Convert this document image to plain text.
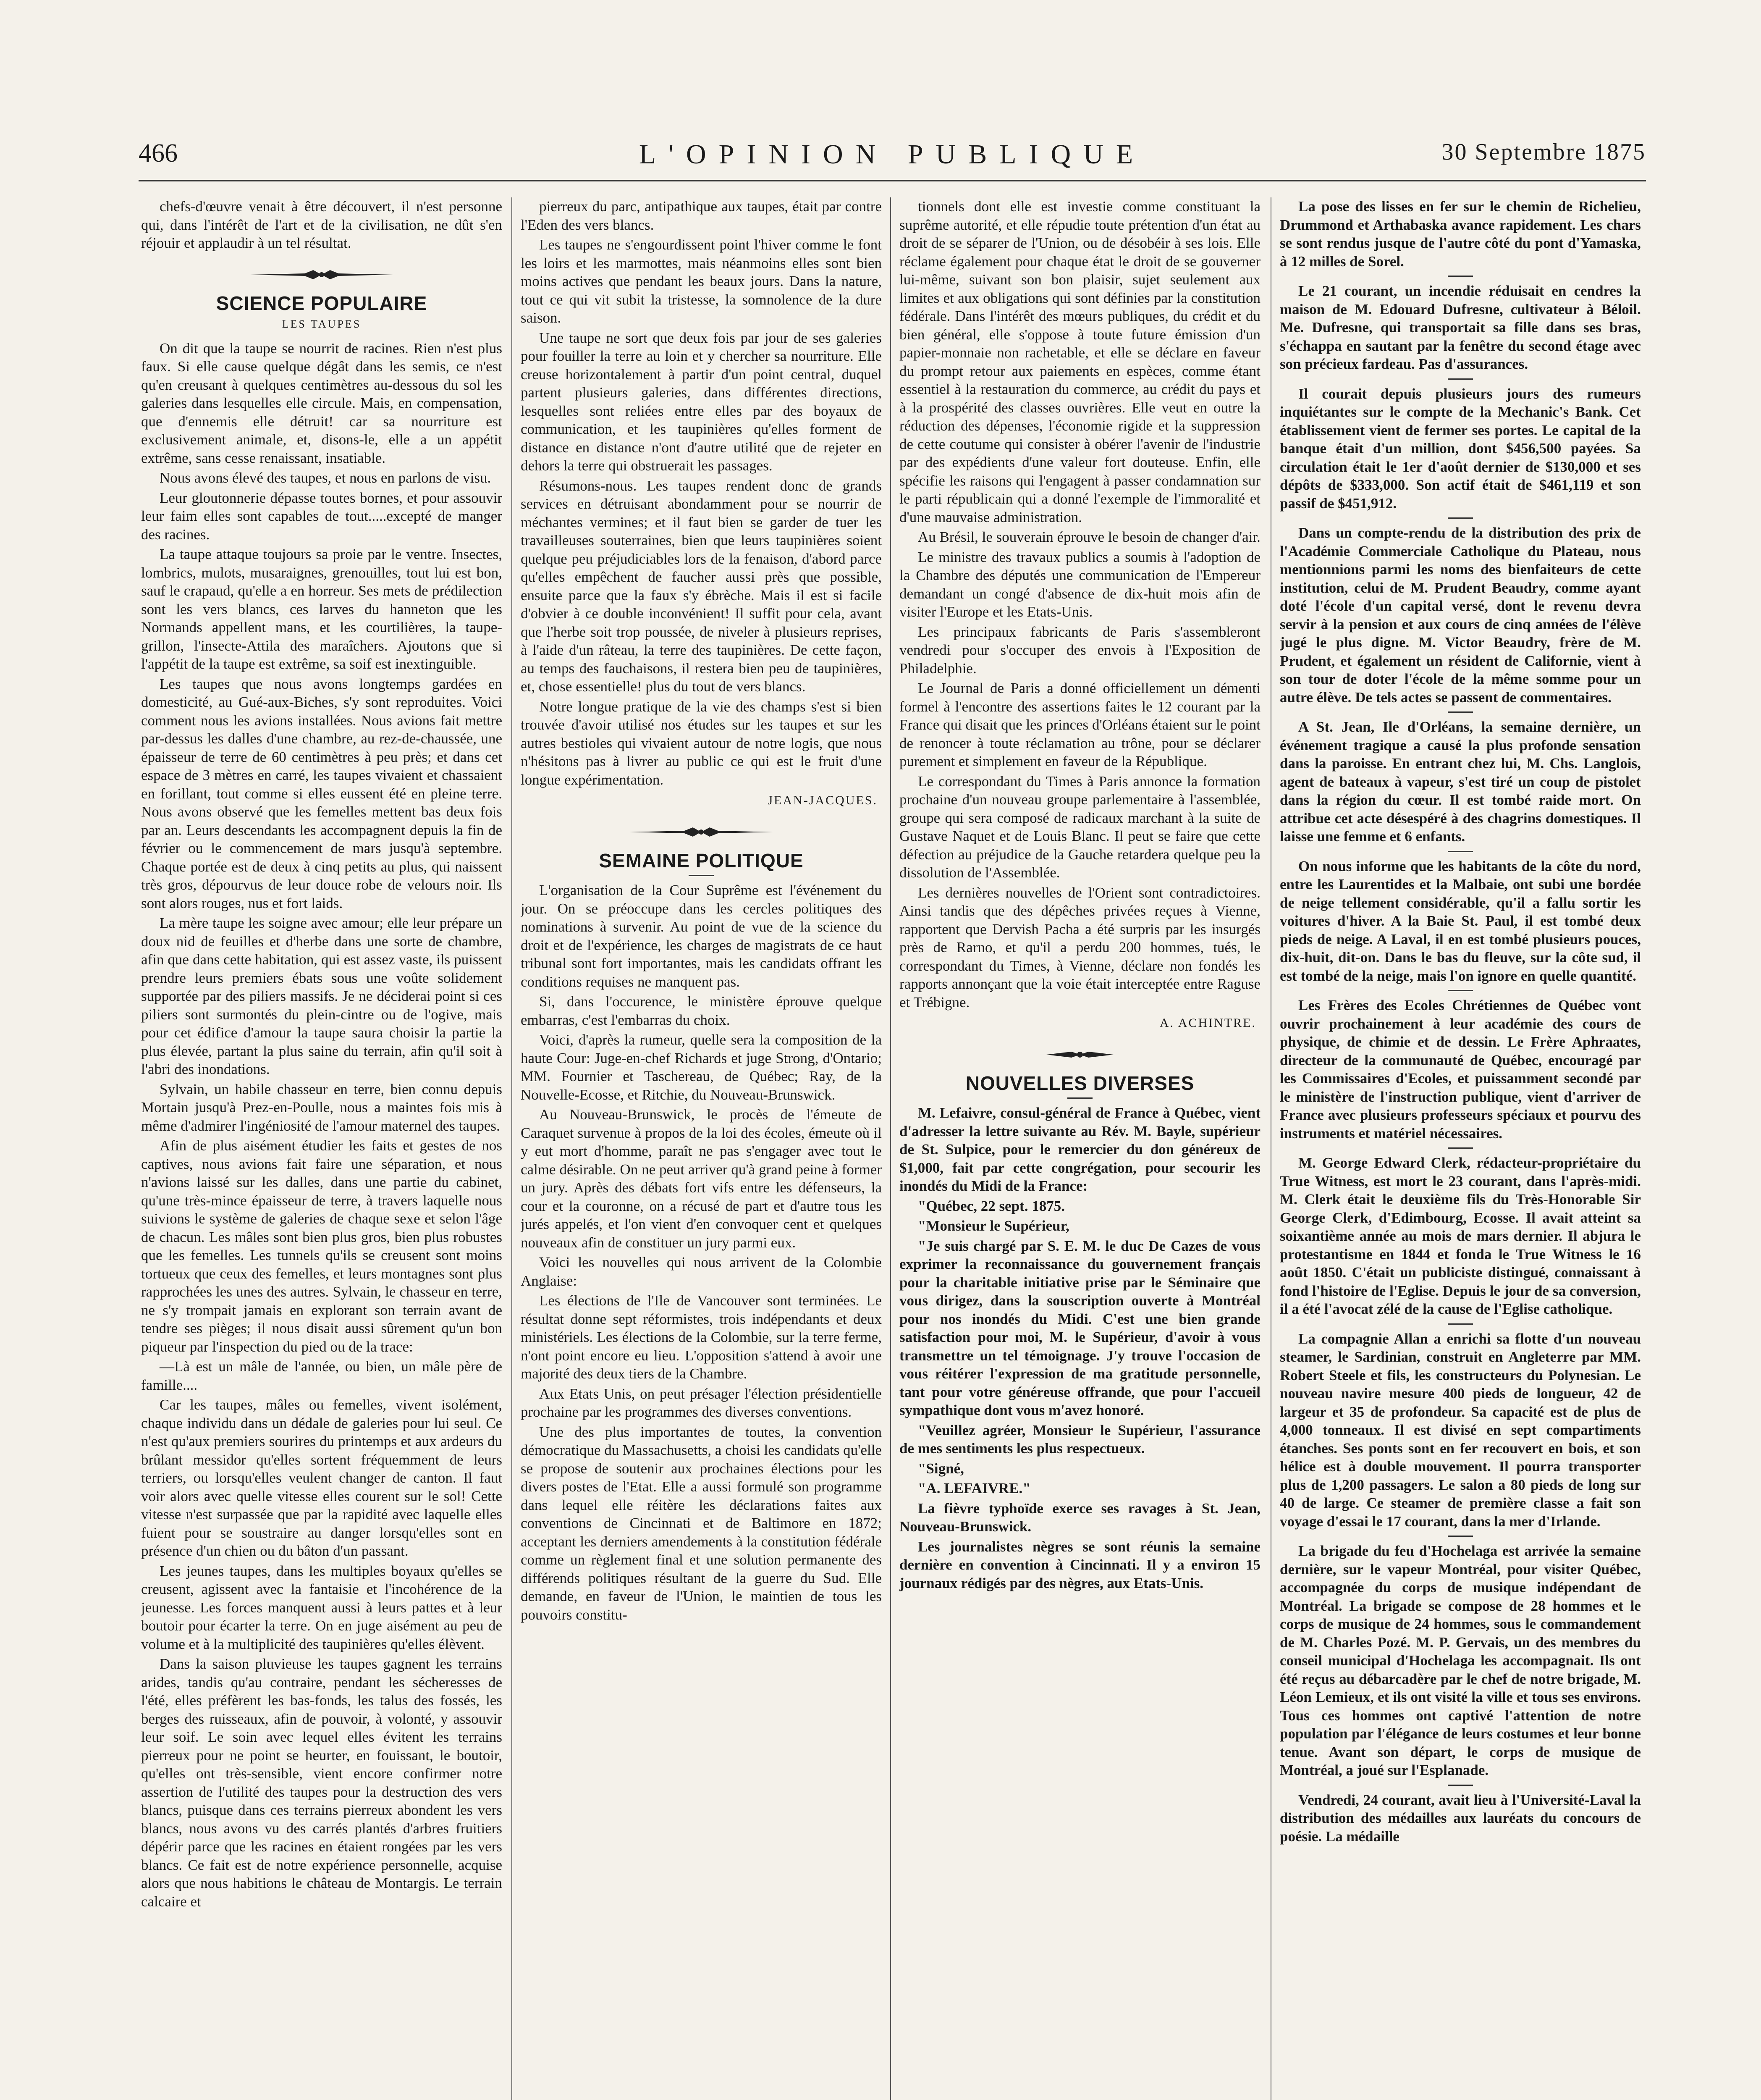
466	L'OPINION PUBLIQUE	30 Septembre 1875

chefs-d'œuvre venait à être découvert, il n'est personne qui, dans l'intérêt de l'art et de la civilisation, ne dût s'en réjouir et applaudir à un tel résultat.

SCIENCE POPULAIRE
LES TAUPES

On dit que la taupe se nourrit de racines. Rien n'est plus faux. Si elle cause quelque dégât dans les semis, ce n'est qu'en creusant à quelques centimètres au-dessous du sol les galeries dans lesquelles elle circule. Mais, en compensation, que d'ennemis elle détruit! car sa nourriture est exclusivement animale, et, disons-le, elle a un appétit extrême, sans cesse renaissant, insatiable.

Nous avons élevé des taupes, et nous en parlons de visu.

Leur gloutonnerie dépasse toutes bornes, et pour assouvir leur faim elles sont capables de tout.....excepté de manger des racines.

La taupe attaque toujours sa proie par le ventre. Insectes, lombrics, mulots, musaraignes, grenouilles, tout lui est bon, sauf le crapaud, qu'elle a en horreur. Ses mets de prédilection sont les vers blancs, ces larves du hanneton que les Normands appellent mans, et les courtilières, la taupe-grillon, l'insecte-Attila des maraîchers. Ajoutons que si l'appétit de la taupe est extrême, sa soif est inextinguible.

Les taupes que nous avons longtemps gardées en domesticité, au Gué-aux-Biches, s'y sont reproduites. Voici comment nous les avions installées. Nous avions fait mettre par-dessus les dalles d'une chambre, au rez-de-chaussée, une épaisseur de terre de 60 centimètres à peu près; et dans cet espace de 3 mètres en carré, les taupes vivaient et chassaient en forillant, tout comme si elles eussent été en pleine terre. Nous avons observé que les femelles mettent bas deux fois par an. Leurs descendants les accompagnent depuis la fin de février ou le commencement de mars jusqu'à septembre. Chaque portée est de deux à cinq petits au plus, qui naissent très gros, dépourvus de leur douce robe de velours noir. Ils sont alors rouges, nus et fort laids.

La mère taupe les soigne avec amour; elle leur prépare un doux nid de feuilles et d'herbe dans une sorte de chambre, afin que dans cette habitation, qui est assez vaste, ils puissent prendre leurs premiers ébats sous une voûte solidement supportée par des piliers massifs. Je ne déciderai point si ces piliers sont surmontés du plein-cintre ou de l'ogive, mais pour cet édifice d'amour la taupe saura choisir la partie la plus élevée, partant la plus saine du terrain, afin qu'il soit à l'abri des inondations.

Sylvain, un habile chasseur en terre, bien connu depuis Mortain jusqu'à Prez-en-Poulle, nous a maintes fois mis à même d'admirer l'ingéniosité de l'amour maternel des taupes.

Afin de plus aisément étudier les faits et gestes de nos captives, nous avions fait faire une séparation, et nous n'avions laissé sur les dalles, dans une partie du cabinet, qu'une très-mince épaisseur de terre, à travers laquelle nous suivions le système de galeries de chaque sexe et selon l'âge de chacun. Les mâles sont bien plus gros, bien plus robustes que les femelles. Les tunnels qu'ils se creusent sont moins tortueux que ceux des femelles, et leurs montagnes sont plus rapprochées les unes des autres. Sylvain, le chasseur en terre, ne s'y trompait jamais en explorant son terrain avant de tendre ses pièges; il nous disait aussi sûrement qu'un bon piqueur par l'inspection du pied ou de la trace:

—Là est un mâle de l'année, ou bien, un mâle père de famille....

Car les taupes, mâles ou femelles, vivent isolément, chaque individu dans un dédale de galeries pour lui seul. Ce n'est qu'aux premiers sourires du printemps et aux ardeurs du brûlant messidor qu'elles sortent fréquemment de leurs terriers, ou lorsqu'elles veulent changer de canton. Il faut voir alors avec quelle vitesse elles courent sur le sol! Cette vitesse n'est surpassée que par la rapidité avec laquelle elles fuient pour se soustraire au danger lorsqu'elles sont en présence d'un chien ou du bâton d'un passant.

Les jeunes taupes, dans les multiples boyaux qu'elles se creusent, agissent avec la fantaisie et l'incohérence de la jeunesse. Les forces manquent aussi à leurs pattes et à leur boutoir pour écarter la terre. On en juge aisément au peu de volume et à la multiplicité des taupinières qu'elles élèvent.

Dans la saison pluvieuse les taupes gagnent les terrains arides, tandis qu'au contraire, pendant les sécheresses de l'été, elles préfèrent les bas-fonds, les talus des fossés, les berges des ruisseaux, afin de pouvoir, à volonté, y assouvir leur soif. Le soin avec lequel elles évitent les terrains pierreux pour ne point se heurter, en fouissant, le boutoir, qu'elles ont très-sensible, vient encore confirmer notre assertion de l'utilité des taupes pour la destruction des vers blancs, puisque dans ces terrains pierreux abondent les vers blancs, nous avons vu des carrés plantés d'arbres fruitiers dépérir parce que les racines en étaient rongées par les vers blancs. Ce fait est de notre expérience personnelle, acquise alors que nous habitions le château de Montargis. Le terrain calcaire et

pierreux du parc, antipathique aux taupes, était par contre l'Eden des vers blancs.

Les taupes ne s'engourdissent point l'hiver comme le font les loirs et les marmottes, mais néanmoins elles sont bien moins actives que pendant les beaux jours. Dans la nature, tout ce qui vit subit la tristesse, la somnolence de la dure saison.

Une taupe ne sort que deux fois par jour de ses galeries pour fouiller la terre au loin et y chercher sa nourriture. Elle creuse horizontalement à partir d'un point central, duquel partent plusieurs galeries, dans différentes directions, lesquelles sont reliées entre elles par des boyaux de communication, et les taupinières qu'elles forment de distance en distance n'ont d'autre utilité que de rejeter en dehors la terre qui obstruerait les passages.

Résumons-nous. Les taupes rendent donc de grands services en détruisant abondamment pour se nourrir de méchantes vermines; et il faut bien se garder de tuer les travailleuses souterraines, bien que leurs taupinières soient quelque peu préjudiciables lors de la fenaison, d'abord parce qu'elles empêchent de faucher aussi près que possible, ensuite parce que la faux s'y ébrèche. Mais il est si facile d'obvier à ce double inconvénient! Il suffit pour cela, avant que l'herbe soit trop poussée, de niveler à plusieurs reprises, à l'aide d'un râteau, la terre des taupinières. De cette façon, au temps des fauchaisons, il restera bien peu de taupinières, et, chose essentielle! plus du tout de vers blancs.

Notre longue pratique de la vie des champs s'est si bien trouvée d'avoir utilisé nos études sur les taupes et sur les autres bestioles qui vivaient autour de notre logis, que nous n'hésitons pas à livrer au public ce qui est le fruit d'une longue expérimentation.

JEAN-JACQUES.
SEMAINE POLITIQUE

L'organisation de la Cour Suprême est l'événement du jour. On se préoccupe dans les cercles politiques des nominations à survenir. Au point de vue de la science du droit et de l'expérience, les charges de magistrats de ce haut tribunal sont fort importantes, mais les candidats offrant les conditions requises ne manquent pas.

Si, dans l'occurence, le ministère éprouve quelque embarras, c'est l'embarras du choix.

Voici, d'après la rumeur, quelle sera la composition de la haute Cour: Juge-en-chef Richards et juge Strong, d'Ontario; MM. Fournier et Taschereau, de Québec; Ray, de la Nouvelle-Ecosse, et Ritchie, du Nouveau-Brunswick.

Au Nouveau-Brunswick, le procès de l'émeute de Caraquet survenue à propos de la loi des écoles, émeute où il y eut mort d'homme, paraît ne pas s'engager avec tout le calme désirable. On ne peut arriver qu'à grand peine à former un jury. Après des débats fort vifs entre les défenseurs, la cour et la couronne, on a récusé de part et d'autre tous les jurés appelés, et l'on vient d'en convoquer cent et quelques nouveaux afin de constituer un jury parmi eux.

Voici les nouvelles qui nous arrivent de la Colombie Anglaise:

Les élections de l'Ile de Vancouver sont terminées. Le résultat donne sept réformistes, trois indépendants et deux ministériels. Les élections de la Colombie, sur la terre ferme, n'ont point encore eu lieu. L'opposition s'attend à avoir une majorité des deux tiers de la Chambre.

Aux Etats Unis, on peut présager l'élection présidentielle prochaine par les programmes des diverses conventions.

Une des plus importantes de toutes, la convention démocratique du Massachusetts, a choisi les candidats qu'elle se propose de soutenir aux prochaines élections pour les divers postes de l'Etat. Elle a aussi formulé son programme dans lequel elle réitère les déclarations faites aux conventions de Cincinnati et de Baltimore en 1872; acceptant les derniers amendements à la constitution fédérale comme un règlement final et une solution permanente des différends politiques résultant de la guerre du Sud. Elle demande, en faveur de l'Union, le maintien de tous les pouvoirs constitu-

tionnels dont elle est investie comme constituant la suprême autorité, et elle répudie toute prétention d'un état au droit de se séparer de l'Union, ou de désobéir à ses lois. Elle réclame également pour chaque état le droit de se gouverner lui-même, suivant son bon plaisir, sujet seulement aux limites et aux obligations qui sont définies par la constitution fédérale. Dans l'intérêt des mœurs publiques, du crédit et du bien général, elle s'oppose à toute future émission d'un papier-monnaie non rachetable, et elle se déclare en faveur du prompt retour aux paiements en espèces, comme étant essentiel à la restauration du commerce, au crédit du pays et à la prospérité des classes ouvrières. Elle veut en outre la réduction des dépenses, l'économie rigide et la suppression de cette coutume qui consister à obérer l'avenir de l'industrie par des expédients d'une valeur fort douteuse. Enfin, elle spécifie les raisons qui l'engagent à passer condamnation sur le parti républicain qui a donné l'exemple de l'immoralité et d'une mauvaise administration.

Au Brésil, le souverain éprouve le besoin de changer d'air.

Le ministre des travaux publics a soumis à l'adoption de la Chambre des députés une communication de l'Empereur demandant un congé d'absence de dix-huit mois afin de visiter l'Europe et les Etats-Unis.

Les principaux fabricants de Paris s'assembleront vendredi pour s'occuper des envois à l'Exposition de Philadelphie.

Le Journal de Paris a donné officiellement un démenti formel à l'encontre des assertions faites le 12 courant par la France qui disait que les princes d'Orléans étaient sur le point de renoncer à toute réclamation au trône, pour se déclarer purement et simplement en faveur de la République.

Le correspondant du Times à Paris annonce la formation prochaine d'un nouveau groupe parlementaire à l'assemblée, groupe qui sera composé de radicaux marchant à la suite de Gustave Naquet et de Louis Blanc. Il peut se faire que cette défection au préjudice de la Gauche retardera quelque peu la dissolution de l'Assemblée.

Les dernières nouvelles de l'Orient sont contradictoires. Ainsi tandis que des dépêches privées reçues à Vienne, rapportent que Dervish Pacha a été surpris par les insurgés près de Rarno, et qu'il a perdu 200 hommes, tués, le correspondant du Times, à Vienne, déclare non fondés les rapports annonçant que la voie était interceptée entre Raguse et Trébigne.

A. ACHINTRE.
NOUVELLES DIVERSES

M. Lefaivre, consul-général de France à Québec, vient d'adresser la lettre suivante au Rév. M. Bayle, supérieur de St. Sulpice, pour le remercier du don généreux de $1,000, fait par cette congrégation, pour secourir les inondés du Midi de la France:

"Québec, 22 sept. 1875.

"Monsieur le Supérieur,

"Je suis chargé par S. E. M. le duc De Cazes de vous exprimer la reconnaissance du gouvernement français pour la charitable initiative prise par le Séminaire que vous dirigez, dans la souscription ouverte à Montréal pour nos inondés du Midi. C'est une bien grande satisfaction pour moi, M. le Supérieur, d'avoir à vous transmettre un tel témoignage. J'y trouve l'occasion de vous réitérer l'expression de ma gratitude personnelle, tant pour votre généreuse offrande, que pour l'accueil sympathique dont vous m'avez honoré.

"Veuillez agréer, Monsieur le Supérieur, l'assurance de mes sentiments les plus respectueux.

"Signé,

"A. LEFAIVRE."

La fièvre typhoïde exerce ses ravages à St. Jean, Nouveau-Brunswick.

Les journalistes nègres se sont réunis la semaine dernière en convention à Cincinnati. Il y a environ 15 journaux rédigés par des nègres, aux Etats-Unis.

La pose des lisses en fer sur le chemin de Richelieu, Drummond et Arthabaska avance rapidement. Les chars se sont rendus jusque de l'autre côté du pont d'Yamaska, à 12 milles de Sorel.

Le 21 courant, un incendie réduisait en cendres la maison de M. Edouard Dufresne, cultivateur à Béloil. Me. Dufresne, qui transportait sa fille dans ses bras, s'échappa en sautant par la fenêtre du second étage avec son précieux fardeau. Pas d'assurances.

Il courait depuis plusieurs jours des rumeurs inquiétantes sur le compte de la Mechanic's Bank. Cet établissement vient de fermer ses portes. Le capital de la banque était d'un million, dont $456,500 payées. Sa circulation était le 1er d'août dernier de $130,000 et ses dépôts de $333,000. Son actif était de $461,119 et son passif de $451,912.

Dans un compte-rendu de la distribution des prix de l'Académie Commerciale Catholique du Plateau, nous mentionnions parmi les noms des bienfaiteurs de cette institution, celui de M. Prudent Beaudry, comme ayant doté l'école d'un capital versé, dont le revenu devra servir à la pension et aux cours de cinq années de l'élève jugé le plus digne. M. Victor Beaudry, frère de M. Prudent, et également un résident de Californie, vient à son tour de doter l'école de la même somme pour un autre élève. De tels actes se passent de commentaires.

A St. Jean, Ile d'Orléans, la semaine dernière, un événement tragique a causé la plus profonde sensation dans la paroisse. En entrant chez lui, M. Chs. Langlois, agent de bateaux à vapeur, s'est tiré un coup de pistolet dans la région du cœur. Il est tombé raide mort. On attribue cet acte désespéré à des chagrins domestiques. Il laisse une femme et 6 enfants.

On nous informe que les habitants de la côte du nord, entre les Laurentides et la Malbaie, ont subi une bordée de neige tellement considérable, qu'il a fallu sortir les voitures d'hiver. A la Baie St. Paul, il est tombé deux pieds de neige. A Laval, il en est tombé plusieurs pouces, dix-huit, dit-on. Dans le bas du fleuve, sur la côte sud, il est tombé de la neige, mais l'on ignore en quelle quantité.

Les Frères des Ecoles Chrétiennes de Québec vont ouvrir prochainement à leur académie des cours de physique, de chimie et de dessin. Le Frère Aphraates, directeur de la communauté de Québec, encouragé par les Commissaires d'Ecoles, et puissamment secondé par le ministère de l'instruction publique, vient d'arriver de France avec plusieurs professeurs spéciaux et pourvu des instruments et matériel nécessaires.

M. George Edward Clerk, rédacteur-propriétaire du True Witness, est mort le 23 courant, dans l'après-midi. M. Clerk était le deuxième fils du Très-Honorable Sir George Clerk, d'Edimbourg, Ecosse. Il avait atteint sa soixantième année au mois de mars dernier. Il abjura le protestantisme en 1844 et fonda le True Witness le 16 août 1850. C'était un publiciste distingué, connaissant à fond l'histoire de l'Eglise. Depuis le jour de sa conversion, il a été l'avocat zélé de la cause de l'Eglise catholique.

La compagnie Allan a enrichi sa flotte d'un nouveau steamer, le Sardinian, construit en Angleterre par MM. Robert Steele et fils, les constructeurs du Polynesian. Le nouveau navire mesure 400 pieds de longueur, 42 de largeur et 35 de profondeur. Sa capacité est de plus de 4,000 tonneaux. Il est divisé en sept compartiments étanches. Ses ponts sont en fer recouvert en bois, et son hélice est à double mouvement. Il pourra transporter plus de 1,200 passagers. Le salon a 80 pieds de long sur 40 de large. Ce steamer de première classe a fait son voyage d'essai le 17 courant, dans la mer d'Irlande.

La brigade du feu d'Hochelaga est arrivée la semaine dernière, sur le vapeur Montréal, pour visiter Québec, accompagnée du corps de musique indépendant de Montréal. La brigade se compose de 28 hommes et le corps de musique de 24 hommes, sous le commandement de M. Charles Pozé. M. P. Gervais, un des membres du conseil municipal d'Hochelaga les accompagnait. Ils ont été reçus au débarcadère par le chef de notre brigade, M. Léon Lemieux, et ils ont visité la ville et tous ses environs. Tous ces hommes ont captivé l'attention de notre population par l'élégance de leurs costumes et leur bonne tenue. Avant son départ, le corps de musique de Montréal, a joué sur l'Esplanade.

Vendredi, 24 courant, avait lieu à l'Université-Laval la distribution des médailles aux lauréats du concours de poésie. La médaille
